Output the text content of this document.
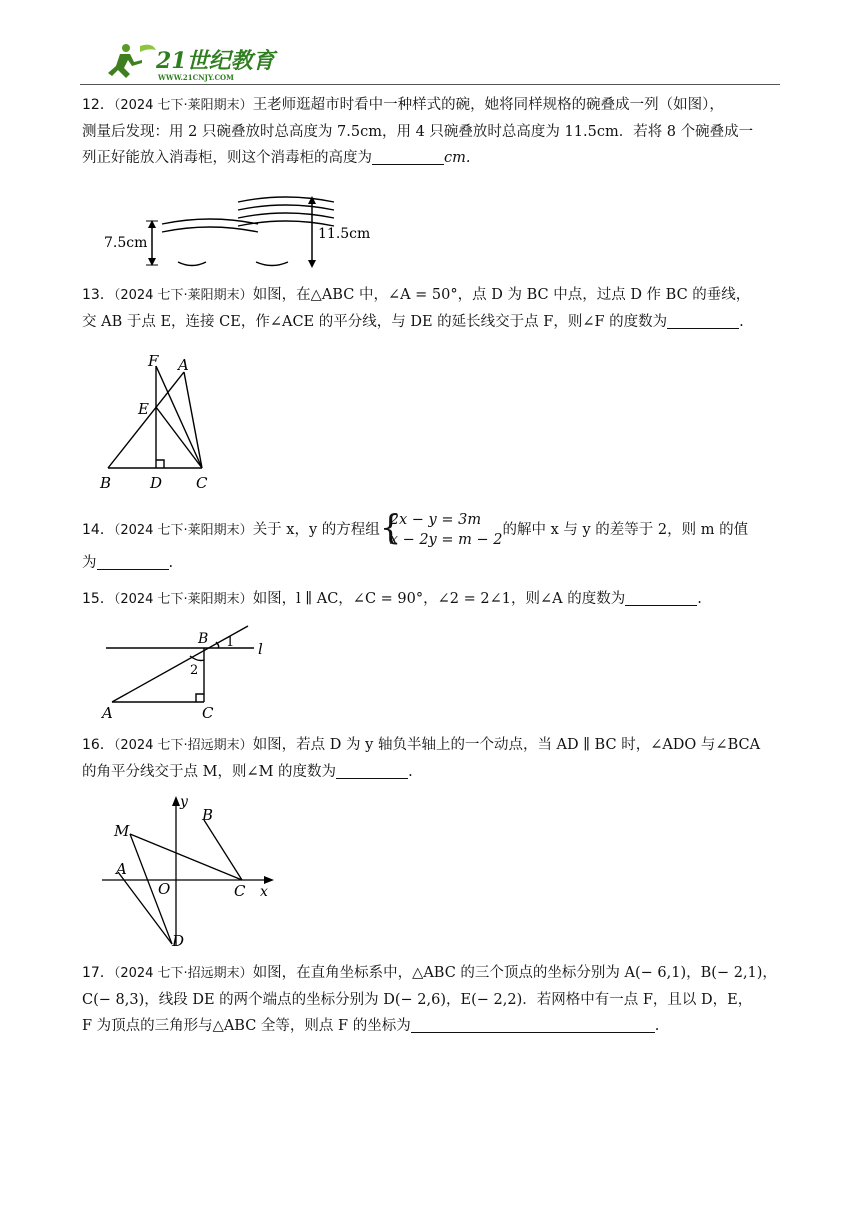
21世纪教育
WWW.21CNJY.COM

12．（2024 七下·莱阳期末）王老师逛超市时看中一种样式的碗，她将同样规格的碗叠成一列（如图），

测量后发现：用 2 只碗叠放时总高度为 7.5cm，用 4 只碗叠放时总高度为 11.5cm．若将 8 个碗叠成一

列正好能放入消毒柜，则这个消毒柜的高度为	cm.

7.5cm
11.5cm

13．（2024 七下·莱阳期末）如图，在△ABC 中，∠A = 50°，点 D 为 BC 中点，过点 D 作 BC 的垂线，

交 AB 于点 E，连接 CE，作∠ACE 的平分线，与 DE 的延长线交于点 F，则∠F 的度数为	.

F A
E
B	D C

14．（2024 七下·莱阳期末）关于 x，y 的方程组 {
2x − y = 3m
x − 2y = m − 2
的解中 x 与 y 的差等于 2，则 m 的值

为	.

15．（2024 七下·莱阳期末）如图，l ∥ AC，∠C = 90°，∠2 = 2∠1，则∠A 的度数为	.

B 1 l
2
A	C

16．（2024 七下·招远期末）如图，若点 D 为 y 轴负半轴上的一个动点，当 AD ∥ BC 时，∠ADO 与∠BCA

的角平分线交于点 M，则∠M 的度数为	.

y
B
M
A
O	C x
D

17．（2024 七下·招远期末）如图，在直角坐标系中，△ABC 的三个顶点的坐标分别为 A(− 6,1)，B(− 2,1)，

C(− 8,3)，线段 DE 的两个端点的坐标分别为 D(− 2,6)，E(− 2,2)．若网格中有一点 F，且以 D，E，

F 为顶点的三角形与△ABC 全等，则点 F 的坐标为	.
